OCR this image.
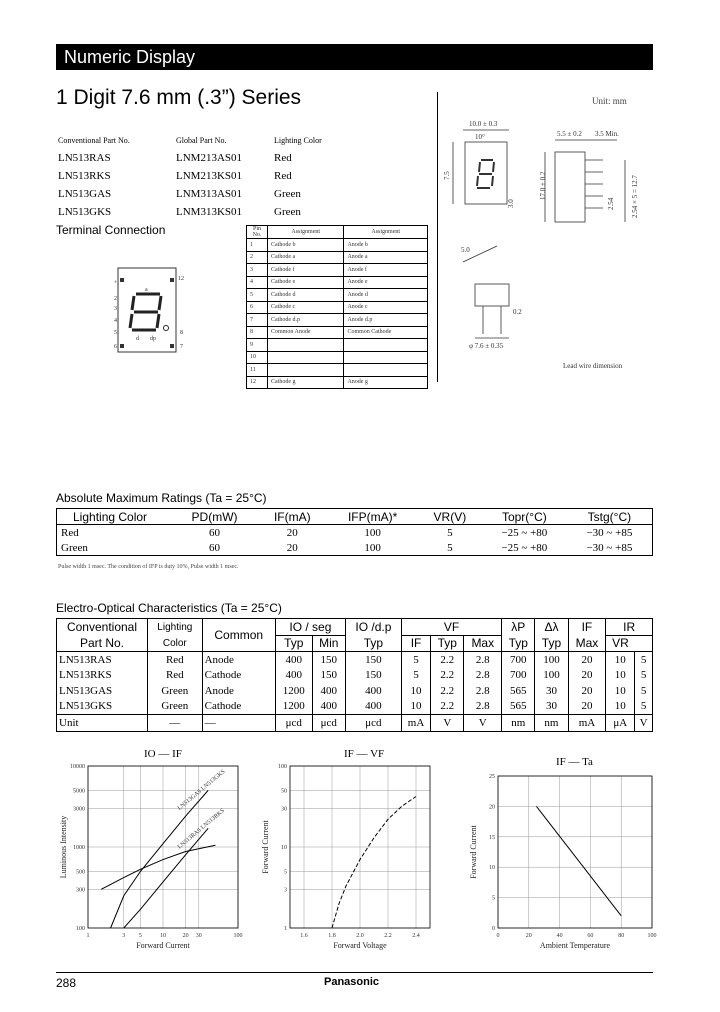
Numeric Display
1 Digit 7.6 mm (.3”) Series
Conventional Part No.	Global Part No.	Lighting Color
LN513RAS	LNM213AS01	Red
LN513RKS	LNM213KS01	Red
LN513GAS	LNM313AS01	Green
LN513GKS	LNM313KS01	Green
Unit: mm
Terminal Connection
+
2
3
4
5
6
12
8
7
a
d dp
Pin No.	Assignment	Assignment
1	Cathode b	Anode b
2	Cathode a	Anode a
3	Cathode f	Anode f
4	Cathode e	Anode e
5	Cathode d	Anode d
6	Cathode c	Anode c
7	Cathode d.p	Anode d.p
8	Common Anode	Common Cathode
9		
10		
11		
12	Cathode g	Anode g
10.0 ± 0.3
10°
7.5
3.0
17.0 ± 0.2
5.5 ± 0.2 3.5 Min.
2.54 × 5 = 12.7
2.54
5.0
0.2
φ 7.6 ± 0.35
Lead wire dimension
Absolute Maximum Ratings (Ta = 25°C)
Lighting Color	PD(mW)	IF(mA)	IFP(mA)*	VR(V)	Topr(°C)	Tstg(°C)
Red	60	20	100	5	−25 ~ +80	−30 ~ +85
Green	60	20	100	5	−25 ~ +80	−30 ~ +85
Pulse width 1 msec. The condition of IFP is duty 10%, Pulse width 1 msec.
Electro-Optical Characteristics (Ta = 25°C)
Conventional	Lighting	Common	IO / seg		IO /d.p	VF			λP	Δλ	IF	IR	
Part No.	Color		Typ	Min	Typ	IF	Typ	Max	Typ	Typ	Max	VR
LN513RAS	Red	Anode	400	150	150	5	2.2	2.8	700	100	20	10	5
LN513RKS	Red	Cathode	400	150	150	5	2.2	2.8	700	100	20	10	5
LN513GAS	Green	Anode	1200	400	400	10	2.2	2.8	565	30	20	10	5
LN513GKS	Green	Cathode	1200	400	400	10	2.2	2.8	565	30	20	10	5
Unit	—	—	μcd	μcd	μcd	mA	V	V	nm	nm	mA	μA	V
IO — IF	IF — VF
IF — Ta
1	3 5	10	20 30	100
100
300
500
1000
3000
5000
10000
LN513GAS LN513GKS
LN513RAS LN513RKS
Forward Current
Luminous Intensity
1.6	1.8	2.0	2.2	2.4
1
3
5
10
30
50
100
Forward Voltage
Forward Current
0	20	40	60	80	100
0
5
10
15
20
25
Ambient Temperature
Forward Current
288	Panasonic
